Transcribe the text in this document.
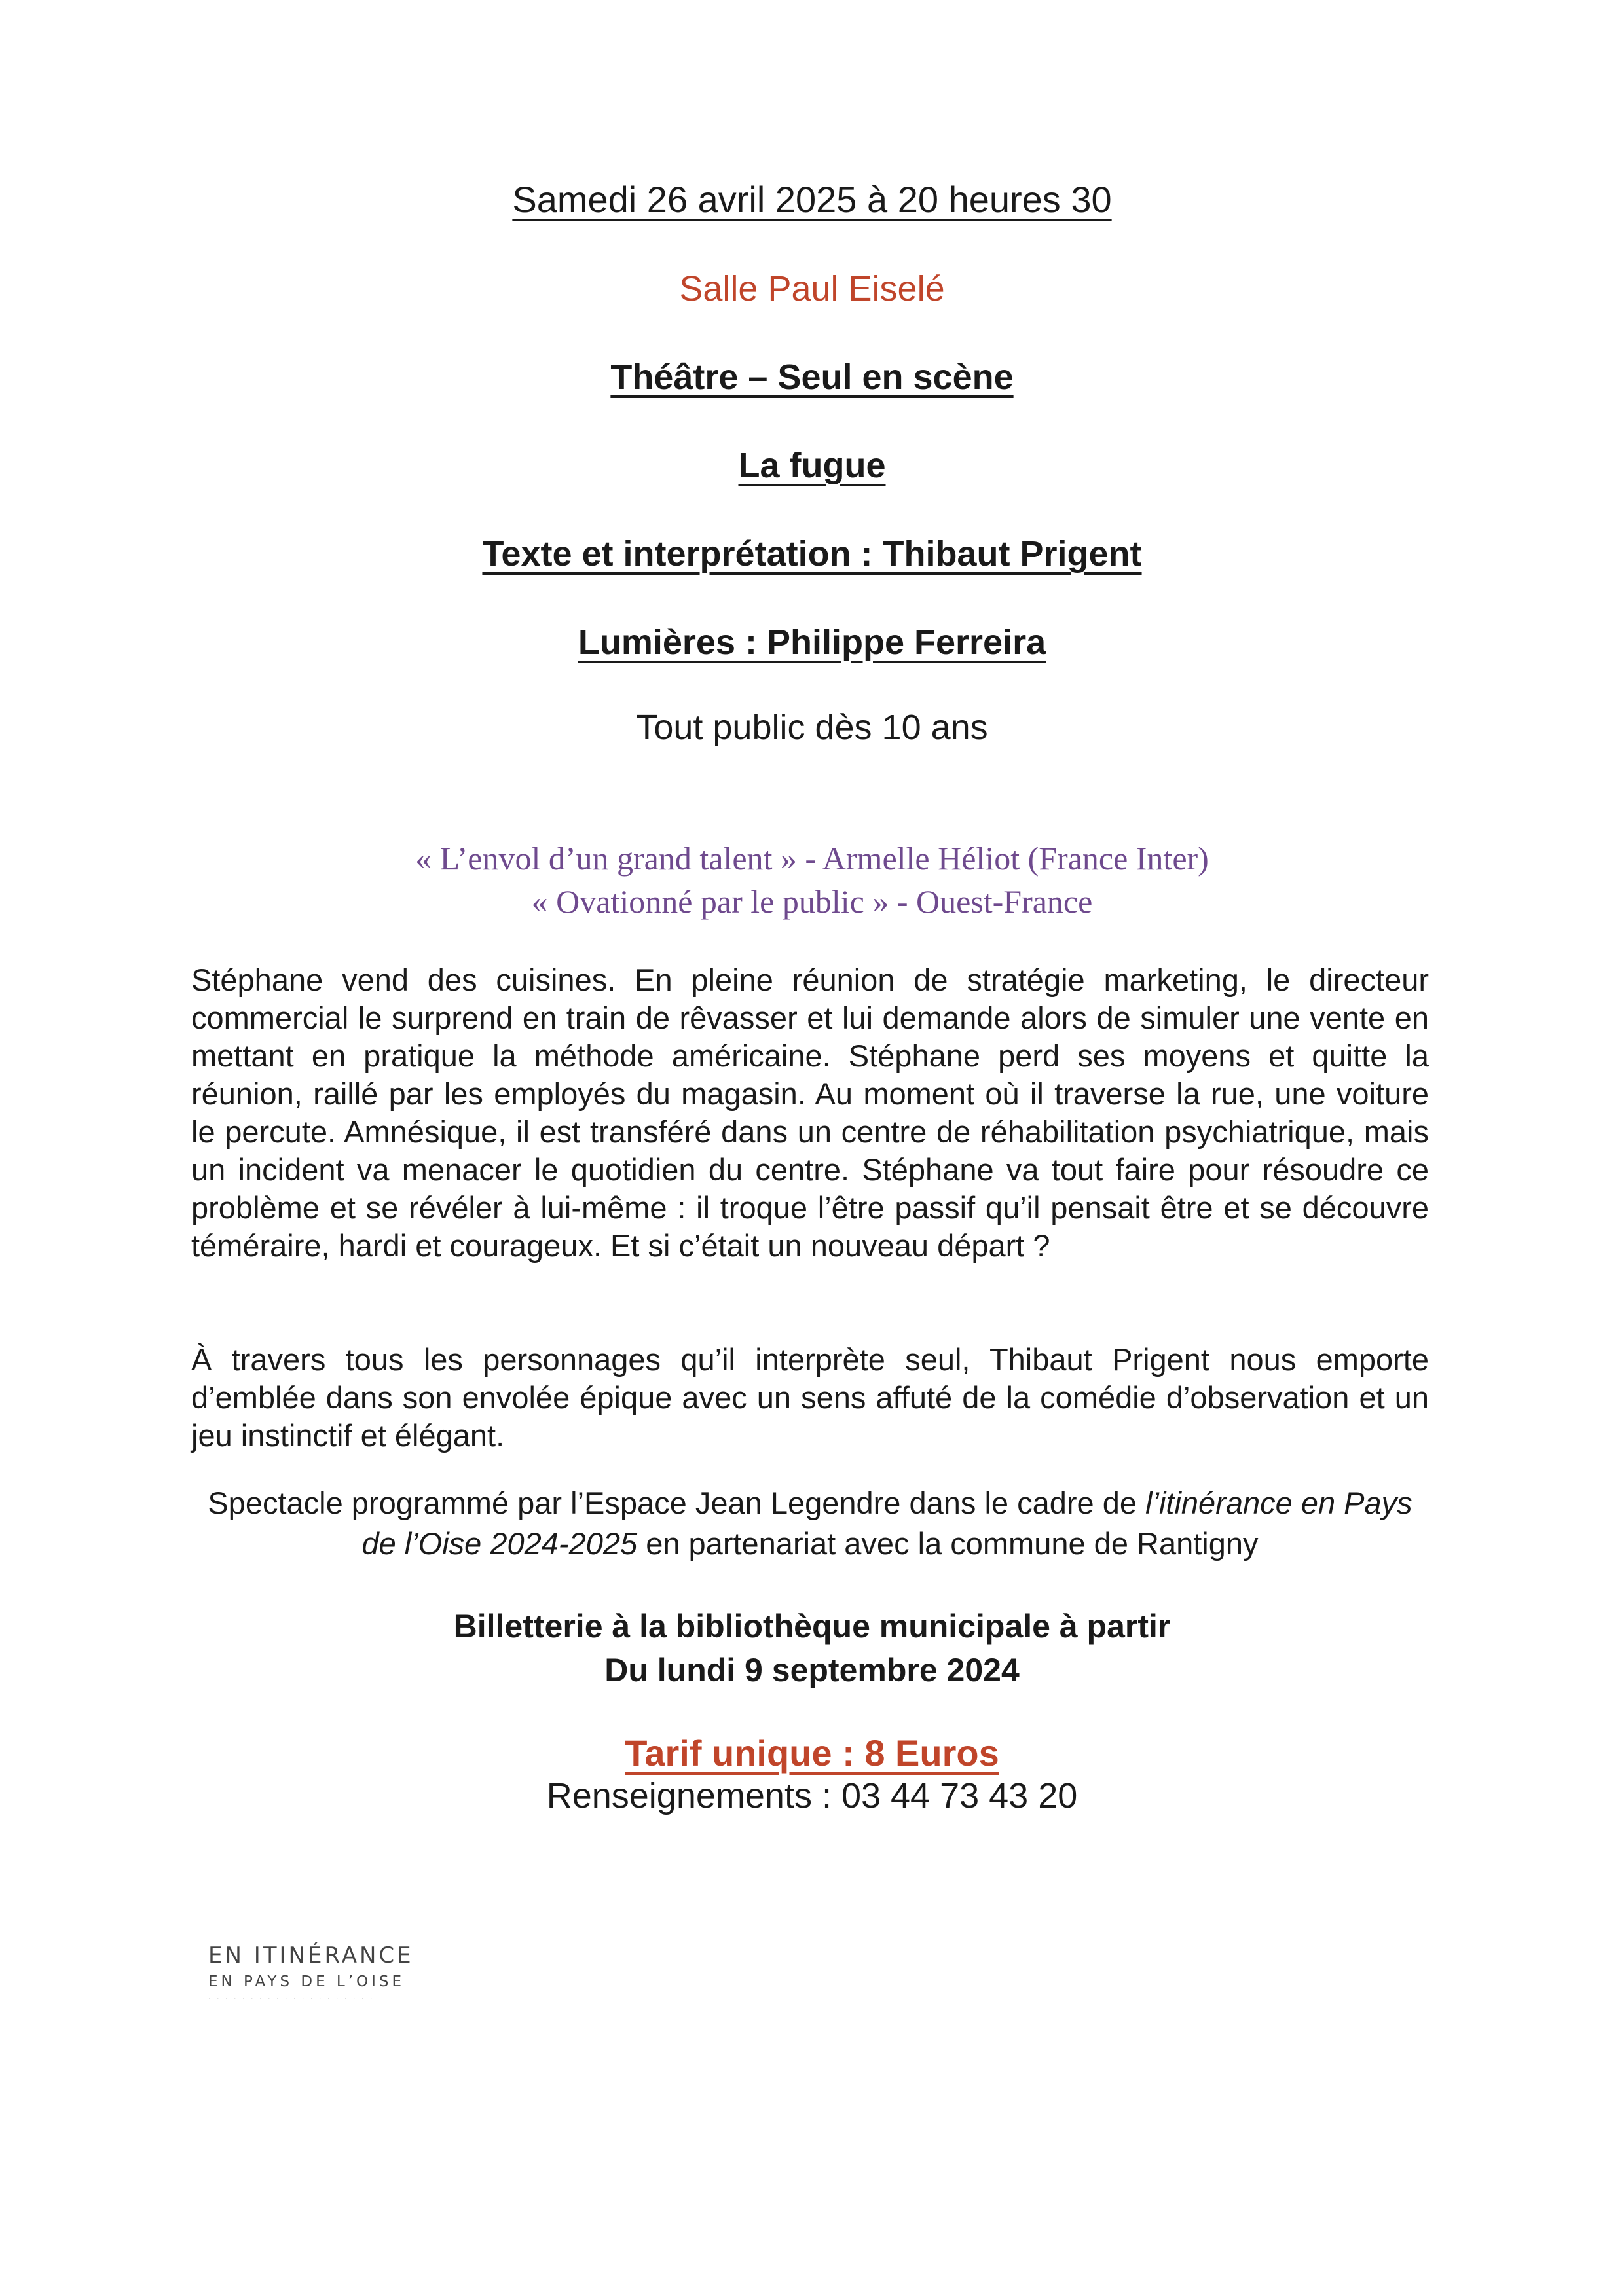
Samedi 26 avril 2025 à 20 heures 30
Salle Paul Eiselé
Théâtre – Seul en scène
La fugue
Texte et interprétation : Thibaut Prigent
Lumières : Philippe Ferreira
Tout public dès 10 ans
« L’envol d’un grand talent » - Armelle Héliot (France Inter)
« Ovationné par le public » - Ouest-France
Stéphane vend des cuisines. En pleine réunion de stratégie marketing, le directeur commercial le surprend en train de rêvasser et lui demande alors de simuler une vente en mettant en pratique la méthode américaine. Stéphane perd ses moyens et quitte la réunion, raillé par les employés du magasin. Au moment où il traverse la rue, une voiture le percute. Amnésique, il est transféré dans un centre de réhabilitation psychiatrique, mais un incident va menacer le quotidien du centre. Stéphane va tout faire pour résoudre ce problème et se révéler à lui-même : il troque l’être passif qu’il pensait être et se découvre téméraire, hardi et courageux. Et si c’était un nouveau départ ?
À travers tous les personnages qu’il interprète seul, Thibaut Prigent nous emporte d’emblée dans son envolée épique avec un sens affuté de la comédie d’observation et un jeu instinctif et élégant.
Spectacle programmé par l’Espace Jean Legendre dans le cadre de l’itinérance en Pays de l’Oise 2024-2025 en partenariat avec la commune de Rantigny
Billetterie à la bibliothèque municipale à partir
Du lundi 9 septembre 2024
Tarif unique : 8 Euros
Renseignements : 03 44 73 43 20
EN ITINÉRANCE
EN PAYS DE L’OISE
· · · · · · · · · · · · · · · · · · · ·
